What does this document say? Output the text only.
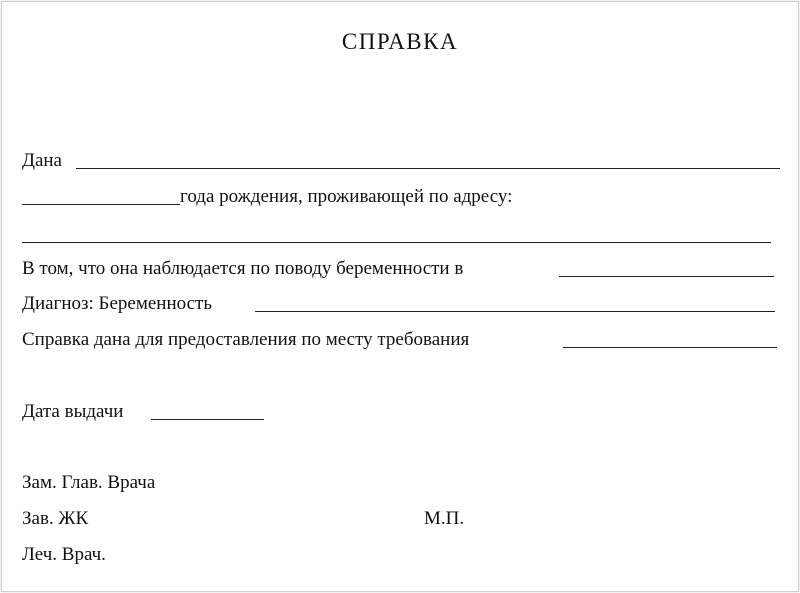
СПРАВКА
Дана
года рождения, проживающей по адресу:
В том, что она наблюдается по поводу беременности в
Диагноз: Беременность
Справка дана для предоставления по месту требования
Дата выдачи
Зам. Глав. Врача
Зав. ЖК	М.П.
Леч. Врач.
